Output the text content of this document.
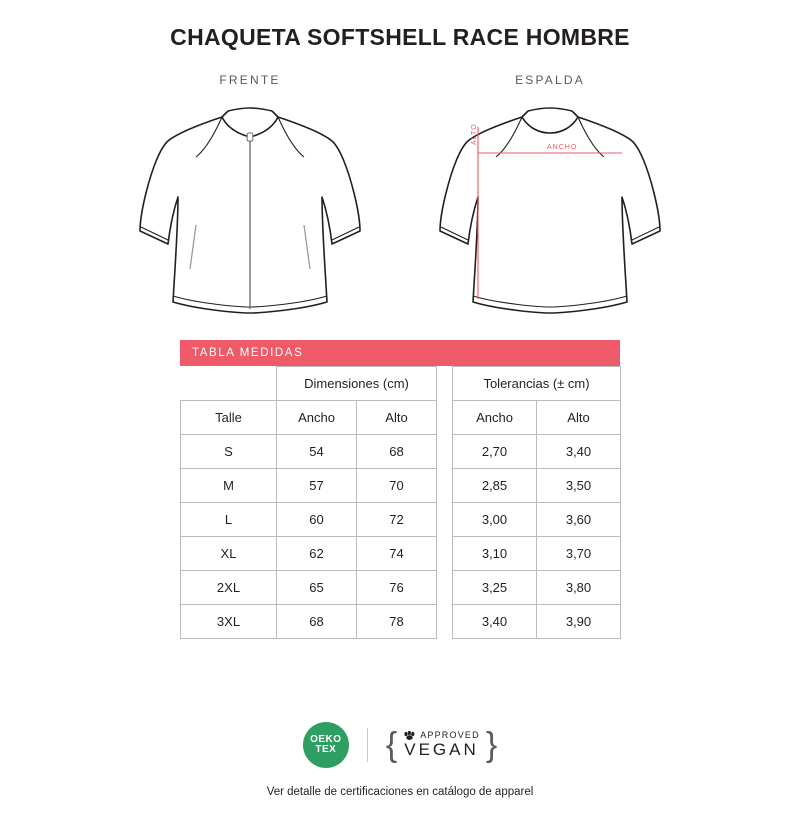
CHAQUETA SOFTSHELL RACE HOMBRE
FRENTE	ESPALDA
ALTO
ANCHO
TABLA MEDIDAS
	Dimensiones (cm)			Tolerancias (± cm)	
Talle	Ancho	Alto		Ancho	Alto
S	54	68		2,70	3,40
M	57	70		2,85	3,50
L	60	72		3,00	3,60
XL	62	74		3,10	3,70
2XL	65	76		3,25	3,80
3XL	68	78		3,40	3,90
OEKO
TEX {	APPROVED
VEGAN }
Ver detalle de certificaciones en catálogo de apparel
